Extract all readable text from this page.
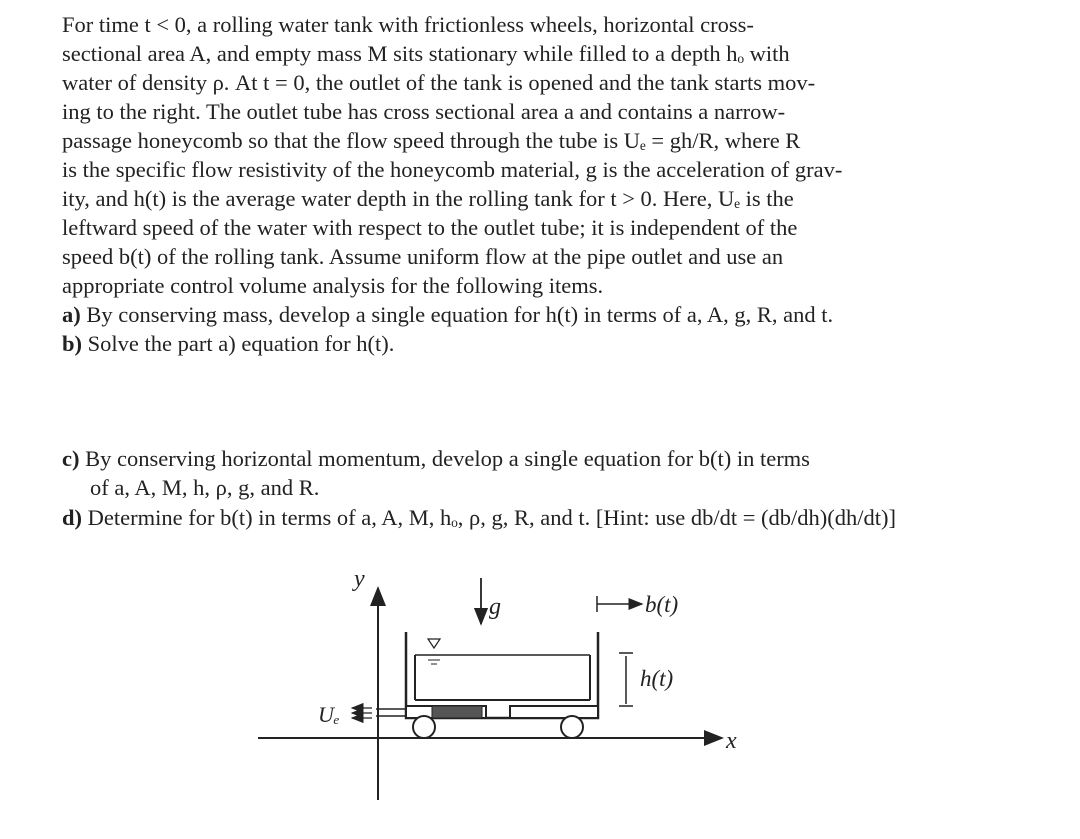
For time t < 0, a rolling water tank with frictionless wheels, horizontal cross-
sectional area A, and empty mass M sits stationary while filled to a depth hₒ with
water of density ρ. At t = 0, the outlet of the tank is opened and the tank starts mov-
ing to the right. The outlet tube has cross sectional area a and contains a narrow-
passage honeycomb so that the flow speed through the tube is Uₑ = gh/R, where R
is the specific flow resistivity of the honeycomb material, g is the acceleration of grav-
ity, and h(t) is the average water depth in the rolling tank for t > 0. Here, Uₑ is the
leftward speed of the water with respect to the outlet tube; it is independent of the
speed b(t) of the rolling tank. Assume uniform flow at the pipe outlet and use an
appropriate control volume analysis for the following items.
a) By conserving mass, develop a single equation for h(t) in terms of a, A, g, R, and t.
b) Solve the part a) equation for h(t).
c) By conserving horizontal momentum, develop a single equation for b(t) in terms
of a, A, M, h, ρ, g, and R.
d) Determine for b(t) in terms of a, A, M, hₒ, ρ, g, R, and t. [Hint: use db/dt = (db/dh)(dh/dt)]
y
x
g	b(t)
Uₑ
h(t)
